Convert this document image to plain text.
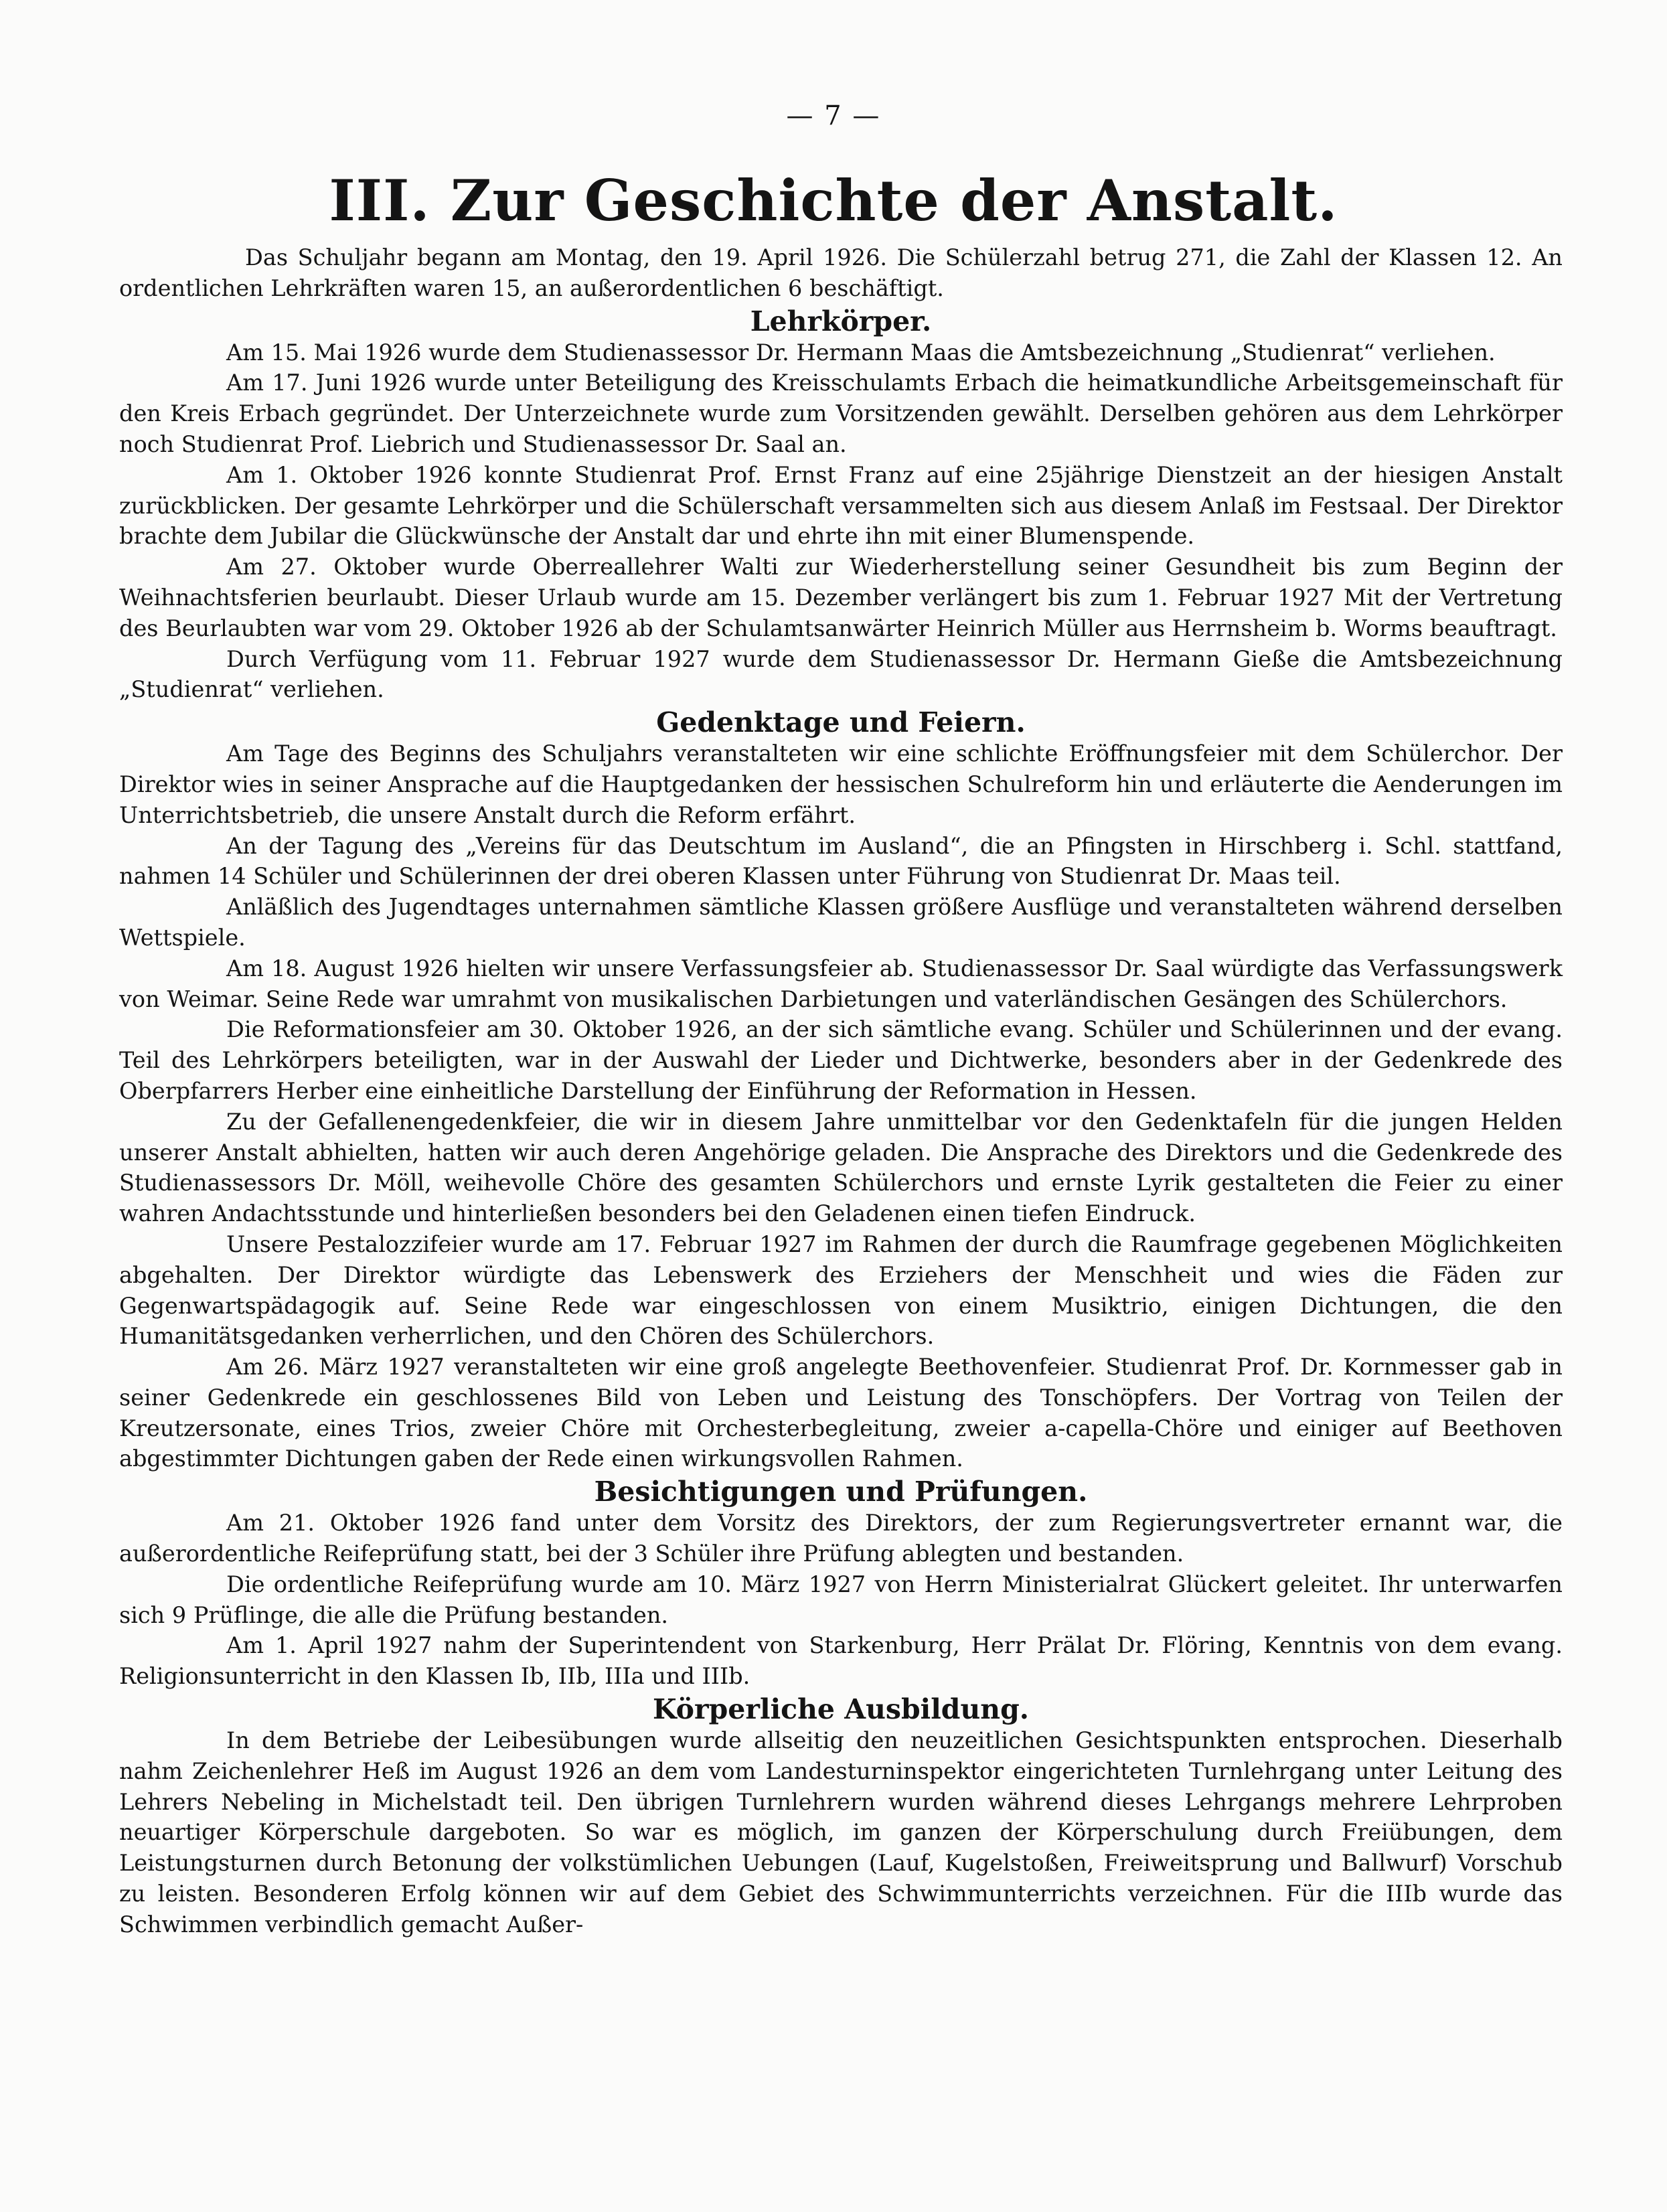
— 7 —
III. Zur Geschichte der Anstalt.

Das Schuljahr begann am Montag, den 19. April 1926. Die Schülerzahl betrug 271, die Zahl der Klassen 12. An ordentlichen Lehrkräften waren 15, an außerordentlichen 6 beschäftigt.

Lehrkörper.

Am 15. Mai 1926 wurde dem Studienassessor Dr. Hermann Maas die Amtsbezeichnung „Studienrat“ verliehen.

Am 17. Juni 1926 wurde unter Beteiligung des Kreisschulamts Erbach die heimatkundliche Arbeitsgemeinschaft für den Kreis Erbach gegründet. Der Unterzeichnete wurde zum Vorsitzenden gewählt. Derselben gehören aus dem Lehrkörper noch Studienrat Prof. Liebrich und Studienassessor Dr. Saal an.

Am 1. Oktober 1926 konnte Studienrat Prof. Ernst Franz auf eine 25jährige Dienstzeit an der hiesigen Anstalt zurückblicken. Der gesamte Lehrkörper und die Schülerschaft versammelten sich aus diesem Anlaß im Festsaal. Der Direktor brachte dem Jubilar die Glückwünsche der Anstalt dar und ehrte ihn mit einer Blumenspende.

Am 27. Oktober wurde Oberreallehrer Walti zur Wiederherstellung seiner Gesundheit bis zum Beginn der Weihnachtsferien beurlaubt. Dieser Urlaub wurde am 15. Dezember verlängert bis zum 1. Februar 1927 Mit der Vertretung des Beurlaubten war vom 29. Oktober 1926 ab der Schulamtsanwärter Heinrich Müller aus Herrnsheim b. Worms beauftragt.

Durch Verfügung vom 11. Februar 1927 wurde dem Studienassessor Dr. Hermann Gieße die Amtsbezeichnung „Studienrat“ verliehen.

Gedenktage und Feiern.

Am Tage des Beginns des Schuljahrs veranstalteten wir eine schlichte Eröffnungsfeier mit dem Schülerchor. Der Direktor wies in seiner Ansprache auf die Hauptgedanken der hessischen Schulreform hin und erläuterte die Aenderungen im Unterrichtsbetrieb, die unsere Anstalt durch die Reform erfährt.

An der Tagung des „Vereins für das Deutschtum im Ausland“, die an Pfingsten in Hirschberg i. Schl. stattfand, nahmen 14 Schüler und Schülerinnen der drei oberen Klassen unter Führung von Studienrat Dr. Maas teil.

Anläßlich des Jugendtages unternahmen sämtliche Klassen größere Ausflüge und veranstalteten während derselben Wettspiele.

Am 18. August 1926 hielten wir unsere Verfassungsfeier ab. Studienassessor Dr. Saal würdigte das Verfassungswerk von Weimar. Seine Rede war umrahmt von musikalischen Darbietungen und vaterländischen Gesängen des Schülerchors.

Die Reformationsfeier am 30. Oktober 1926, an der sich sämtliche evang. Schüler und Schülerinnen und der evang. Teil des Lehrkörpers beteiligten, war in der Auswahl der Lieder und Dichtwerke, besonders aber in der Gedenkrede des Oberpfarrers Herber eine einheitliche Darstellung der Einführung der Reformation in Hessen.

Zu der Gefallenengedenkfeier, die wir in diesem Jahre unmittelbar vor den Gedenktafeln für die jungen Helden unserer Anstalt abhielten, hatten wir auch deren Angehörige geladen. Die Ansprache des Direktors und die Gedenkrede des Studienassessors Dr. Möll, weihevolle Chöre des gesamten Schülerchors und ernste Lyrik gestalteten die Feier zu einer wahren Andachtsstunde und hinterließen besonders bei den Geladenen einen tiefen Eindruck.

Unsere Pestalozzifeier wurde am 17. Februar 1927 im Rahmen der durch die Raumfrage gegebenen Möglichkeiten abgehalten. Der Direktor würdigte das Lebenswerk des Erziehers der Menschheit und wies die Fäden zur Gegenwartspädagogik auf. Seine Rede war eingeschlossen von einem Musiktrio, einigen Dichtungen, die den Humanitätsgedanken verherrlichen, und den Chören des Schülerchors.

Am 26. März 1927 veranstalteten wir eine groß angelegte Beethovenfeier. Studienrat Prof. Dr. Kornmesser gab in seiner Gedenkrede ein geschlossenes Bild von Leben und Leistung des Tonschöpfers. Der Vortrag von Teilen der Kreutzersonate, eines Trios, zweier Chöre mit Orchesterbegleitung, zweier a-capella-Chöre und einiger auf Beethoven abgestimmter Dichtungen gaben der Rede einen wirkungsvollen Rahmen.

Besichtigungen und Prüfungen.

Am 21. Oktober 1926 fand unter dem Vorsitz des Direktors, der zum Regierungsvertreter ernannt war, die außerordentliche Reifeprüfung statt, bei der 3 Schüler ihre Prüfung ablegten und bestanden.

Die ordentliche Reifeprüfung wurde am 10. März 1927 von Herrn Ministerialrat Glückert geleitet. Ihr unterwarfen sich 9 Prüflinge, die alle die Prüfung bestanden.

Am 1. April 1927 nahm der Superintendent von Starkenburg, Herr Prälat Dr. Flöring, Kenntnis von dem evang. Religionsunterricht in den Klassen Ib, IIb, IIIa und IIIb.

Körperliche Ausbildung.

In dem Betriebe der Leibesübungen wurde allseitig den neuzeitlichen Gesichtspunkten entsprochen. Dieserhalb nahm Zeichenlehrer Heß im August 1926 an dem vom Landesturninspektor eingerichteten Turnlehrgang unter Leitung des Lehrers Nebeling in Michelstadt teil. Den übrigen Turnlehrern wurden während dieses Lehrgangs mehrere Lehrproben neuartiger Körperschule dargeboten. So war es möglich, im ganzen der Körperschulung durch Freiübungen, dem Leistungsturnen durch Betonung der volkstümlichen Uebungen (Lauf, Kugelstoßen, Freiweitsprung und Ballwurf) Vorschub zu leisten. Besonderen Erfolg können wir auf dem Gebiet des Schwimmunterrichts verzeichnen. Für die IIIb wurde das Schwimmen verbindlich gemacht Außer-
